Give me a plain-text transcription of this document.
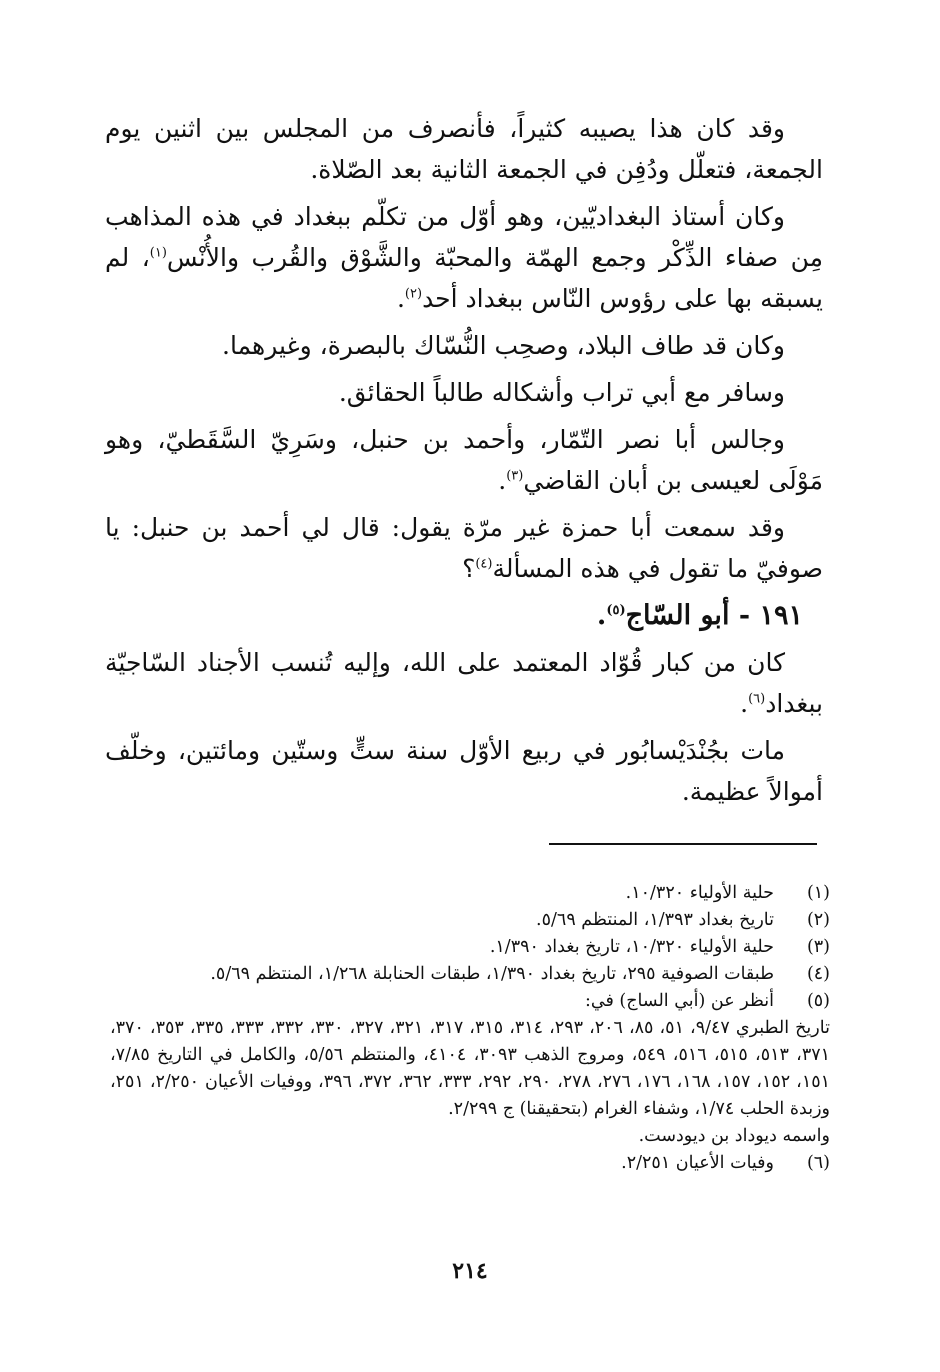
وقد كان هذا يصيبه كثيراً، فأنصرف من المجلس بين اثنين يوم الجمعة، فتعلّل ودُفِن في الجمعة الثانية بعد الصّلاة.

وكان أستاذ البغداديّين، وهو أوّل من تكلّم ببغداد في هذه المذاهب مِن صفاء الذِّكْر وجمع الهمّة والمحبّة والشَّوْق والقُرب والأُنْس$^{(١)}$، لم يسبقه بها على رؤوس النّاس ببغداد أحد$^{(٢)}$.

وكان قد طاف البلاد، وصحِب النُّسّاك بالبصرة، وغيرهما.

وسافر مع أبي تراب وأشكاله طالباً الحقائق.

وجالس أبا نصر التّمّار، وأحمد بن حنبل، وسَرِيّ السَّقَطيّ، وهو مَوْلَى لعيسى بن أبان القاضي$^{(٣)}$.

وقد سمعت أبا حمزة غير مرّة يقول: قال لي أحمد بن حنبل: يا صوفيّ ما تقول في هذه المسألة$^{(٤)}$؟

١٩١ - أبو السّاج$^{(٥)}$.

كان من كبار قُوّاد المعتمد على الله، وإليه تُنسب الأجناد السّاجيّة ببغداد$^{(٦)}$.

مات بجُنْدَيْسابُور في ربيع الأوّل سنة ستٍّ وستّين ومائتين، وخلّف أموالاً عظيمة.

(١)
حلية الأولياء ١٠/٣٢٠.
(٢)
تاريخ بغداد ١/٣٩٣، المنتظم ٥/٦٩.
(٣)
حلية الأولياء ١٠/٣٢٠، تاريخ بغداد ١/٣٩٠.
(٤)
طبقات الصوفية ٢٩٥، تاريخ بغداد ١/٣٩٠، طبقات الحنابلة ١/٢٦٨، المنتظم ٥/٦٩.
(٥)
أنظر عن (أبي الساج) في:
تاريخ الطبري ٩/٤٧، ٥١، ٨٥، ٢٠٦، ٢٩٣، ٣١٤، ٣١٥، ٣١٧، ٣٢١، ٣٢٧، ٣٣٠، ٣٣٢، ٣٣٣، ٣٣٥، ٣٥٣، ٣٧٠، ٣٧١، ٥١٣، ٥١٥، ٥١٦، ٥٤٩، ومروج الذهب ٣٠٩٣، ٤١٠٤، والمنتظم ٥/٥٦، والكامل في التاريخ ٧/٨٥، ١٥١، ١٥٢، ١٥٧، ١٦٨، ١٧٦، ٢٧٦، ٢٧٨، ٢٩٠، ٢٩٢، ٣٣٣، ٣٦٢، ٣٧٢، ٣٩٦، ووفيات الأعيان ٢/٢٥٠، ٢٥١، وزبدة الحلب ١/٧٤، وشفاء الغرام (بتحقيقنا) ج ٢/٢٩٩.
واسمه ديوداد بن ديودست.
(٦)
وفيات الأعيان ٢/٢٥١.
٢١٤
